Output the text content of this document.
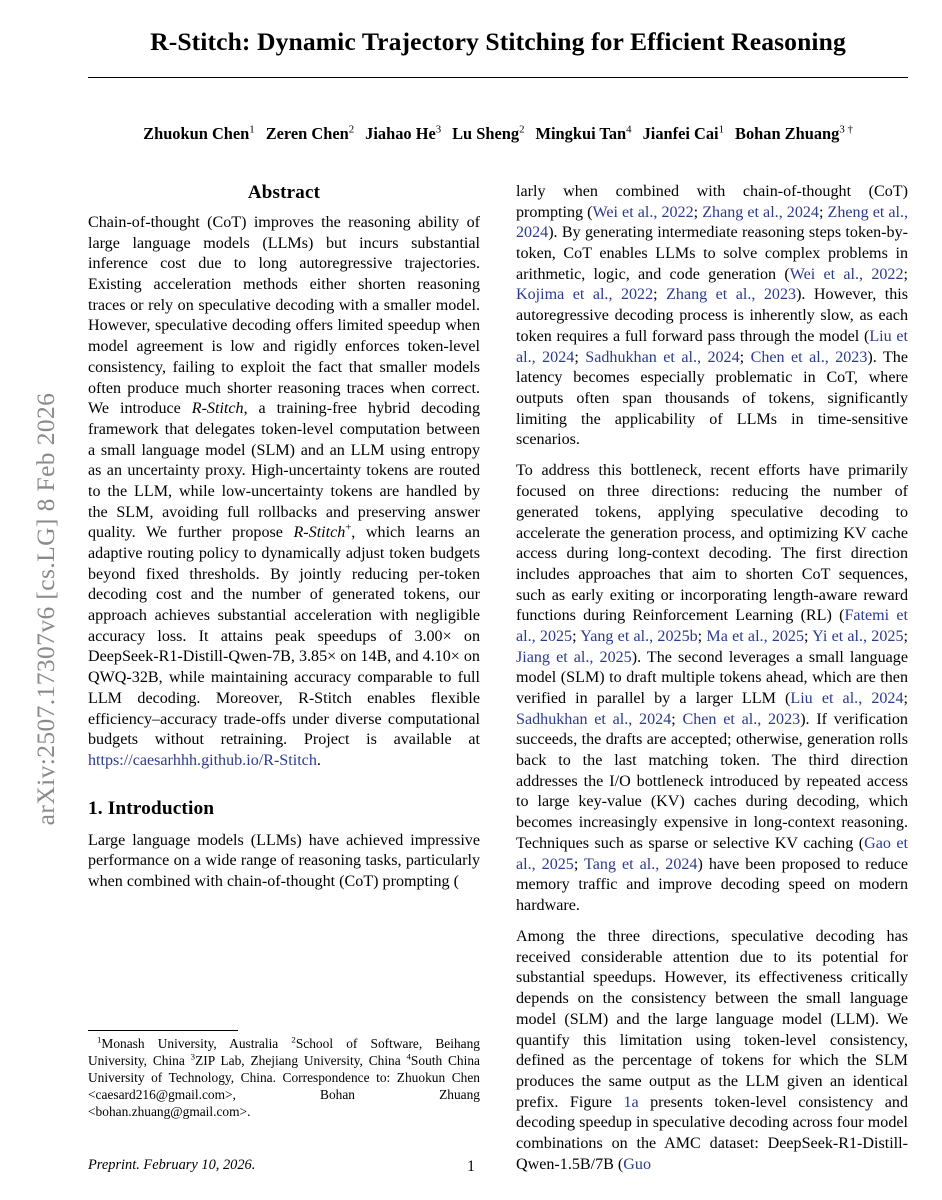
arXiv:2507.17307v6 [cs.LG] 8 Feb 2026
R-Stitch: Dynamic Trajectory Stitching for Efficient Reasoning
Zhuokun Chen$^1$ Zeren Chen$^2$ Jiahao He$^3$ Lu Sheng$^2$ Mingkui Tan$^4$ Jianfei Cai$^1$ Bohan Zhuang$^{3 \dagger}$
Abstract

Chain-of-thought (CoT) improves the reasoning ability of large language models (LLMs) but incurs substantial inference cost due to long autoregressive trajectories. Existing acceleration methods either shorten reasoning traces or rely on speculative decoding with a smaller model. However, speculative decoding offers limited speedup when model agreement is low and rigidly enforces token-level consistency, failing to exploit the fact that smaller models often produce much shorter reasoning traces when correct. We introduce R-Stitch, a training-free hybrid decoding framework that delegates token-level computation between a small language model (SLM) and an LLM using entropy as an uncertainty proxy. High-uncertainty tokens are routed to the LLM, while low-uncertainty tokens are handled by the SLM, avoiding full rollbacks and preserving answer quality. We further propose R-Stitch+, which learns an adaptive routing policy to dynamically adjust token budgets beyond fixed thresholds. By jointly reducing per-token decoding cost and the number of generated tokens, our approach achieves substantial acceleration with negligible accuracy loss. It attains peak speedups of 3.00× on DeepSeek-R1-Distill-Qwen-7B, 3.85× on 14B, and 4.10× on QWQ-32B, while maintaining accuracy comparable to full LLM decoding. Moreover, R-Stitch enables flexible efficiency–accuracy trade-offs under diverse computational budgets without retraining. Project is available at https://caesarhhh.github.io/R-Stitch.

1. Introduction

Large language models (LLMs) have achieved impressive performance on a wide range of reasoning tasks, particularly when combined with chain-of-thought (CoT) prompting (

$^1$Monash University, Australia $^2$School of Software, Beihang University, China $^3$ZIP Lab, Zhejiang University, China $^4$South China University of Technology, China. Correspondence to: Zhuokun Chen <caesard216@gmail.com>, Bohan Zhuang <bohan.zhuang@gmail.com>.

Preprint. February 10, 2026.

larly when combined with chain-of-thought (CoT) prompting (Wei et al., 2022; Zhang et al., 2024; Zheng et al., 2024). By generating intermediate reasoning steps token-by-token, CoT enables LLMs to solve complex problems in arithmetic, logic, and code generation (Wei et al., 2022; Kojima et al., 2022; Zhang et al., 2023). However, this autoregressive decoding process is inherently slow, as each token requires a full forward pass through the model (Liu et al., 2024; Sadhukhan et al., 2024; Chen et al., 2023). The latency becomes especially problematic in CoT, where outputs often span thousands of tokens, significantly limiting the applicability of LLMs in time-sensitive scenarios.

To address this bottleneck, recent efforts have primarily focused on three directions: reducing the number of generated tokens, applying speculative decoding to accelerate the generation process, and optimizing KV cache access during long-context decoding. The first direction includes approaches that aim to shorten CoT sequences, such as early exiting or incorporating length-aware reward functions during Reinforcement Learning (RL) (Fatemi et al., 2025; Yang et al., 2025b; Ma et al., 2025; Yi et al., 2025; Jiang et al., 2025). The second leverages a small language model (SLM) to draft multiple tokens ahead, which are then verified in parallel by a larger LLM (Liu et al., 2024; Sadhukhan et al., 2024; Chen et al., 2023). If verification succeeds, the drafts are accepted; otherwise, generation rolls back to the last matching token. The third direction addresses the I/O bottleneck introduced by repeated access to large key-value (KV) caches during decoding, which becomes increasingly expensive in long-context reasoning. Techniques such as sparse or selective KV caching (Gao et al., 2025; Tang et al., 2024) have been proposed to reduce memory traffic and improve decoding speed on modern hardware.

Among the three directions, speculative decoding has received considerable attention due to its potential for substantial speedups. However, its effectiveness critically depends on the consistency between the small language model (SLM) and the large language model (LLM). We quantify this limitation using token-level consistency, defined as the percentage of tokens for which the SLM produces the same output as the LLM given an identical prefix. Figure 1a presents token-level consistency and decoding speedup in speculative decoding across four model combinations on the AMC dataset: DeepSeek-R1-Distill-Qwen-1.5B/7B (Guo

1
